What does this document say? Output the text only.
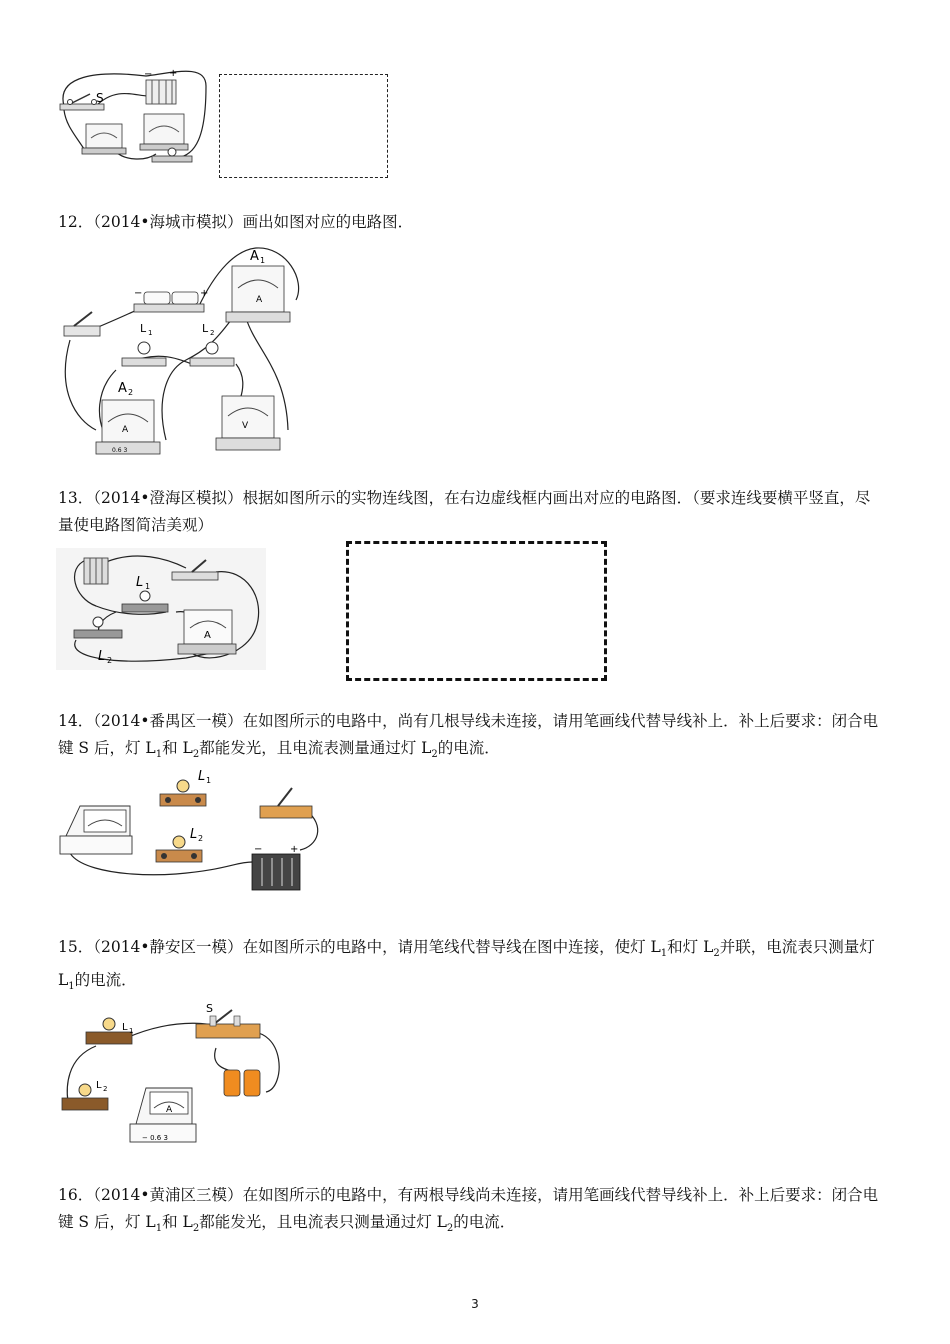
S
− +

12．（2014•海城市模拟）画出如图对应的电路图．

−	+
A
A 1
L 1	L 2
A
A 2
0.6 3
V
13．（2014•澄海区模拟）根据如图所示的实物连线图，在右边虚线框内画出对应的电路图．（要求连线要横平竖直，尽
量使电路图简洁美观）
L 1
L 2
A
14．（2014•番禺区一模）在如图所示的电路中，尚有几根导线未连接，请用笔画线代替导线补上．补上后要求：闭合电
键 S 后，灯 $L_1$和 $L_2$都能发光，且电流表测量通过灯 $L_2$的电流．
L 1
L 2
−	+
15．（2014•静安区一模）在如图所示的电路中，请用笔线代替导线在图中连接，使灯 $L_1$和灯 $L_2$并联，电流表只测量灯
$L_1$的电流．
L 1
L 2
S
A
− 0.6 3
16．（2014•黄浦区三模）在如图所示的电路中，有两根导线尚未连接，请用笔画线代替导线补上．补上后要求：闭合电
键 S 后，灯 $L_1$和 $L_2$都能发光，且电流表只测量通过灯 $L_2$的电流．
3
